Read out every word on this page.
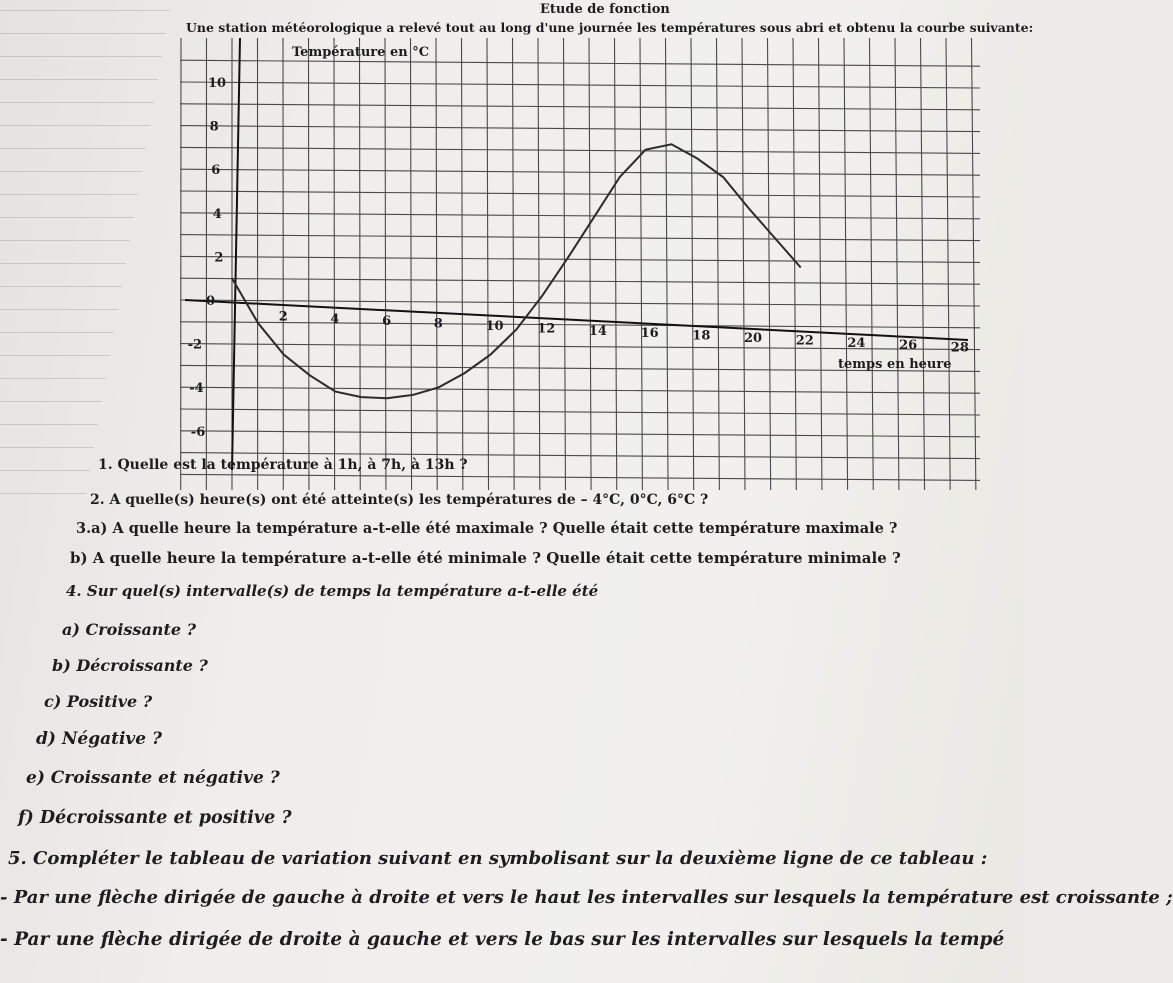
Etude de fonction
Une station météorologique a relevé tout au long d'une journée les températures sous abri et obtenu la courbe suivante:
2	4	6	8	10	12	14	16	18	20	22	24	26	28
10
8
6
4
2
0
-2
-4
-6
Température en °C
temps en heure
1. Quelle est la température à 1h, à 7h, à 13h ?
2. A quelle(s) heure(s) ont été atteinte(s) les températures de – 4°C, 0°C, 6°C ?
3.a) A quelle heure la température a-t-elle été maximale ? Quelle était cette température maximale ?
b) A quelle heure la température a-t-elle été minimale ? Quelle était cette température minimale ?
4. Sur quel(s) intervalle(s) de temps la température a-t-elle été
a) Croissante ?
b) Décroissante ?
c) Positive ?
d) Négative ?
e) Croissante et négative ?
f) Décroissante et positive ?
5. Compléter le tableau de variation suivant en symbolisant sur la deuxième ligne de ce tableau :
- Par une flèche dirigée de gauche à droite et vers le haut les intervalles sur lesquels la température est croissante ;
- Par une flèche dirigée de droite à gauche et vers le bas sur les intervalles sur lesquels la tempé
